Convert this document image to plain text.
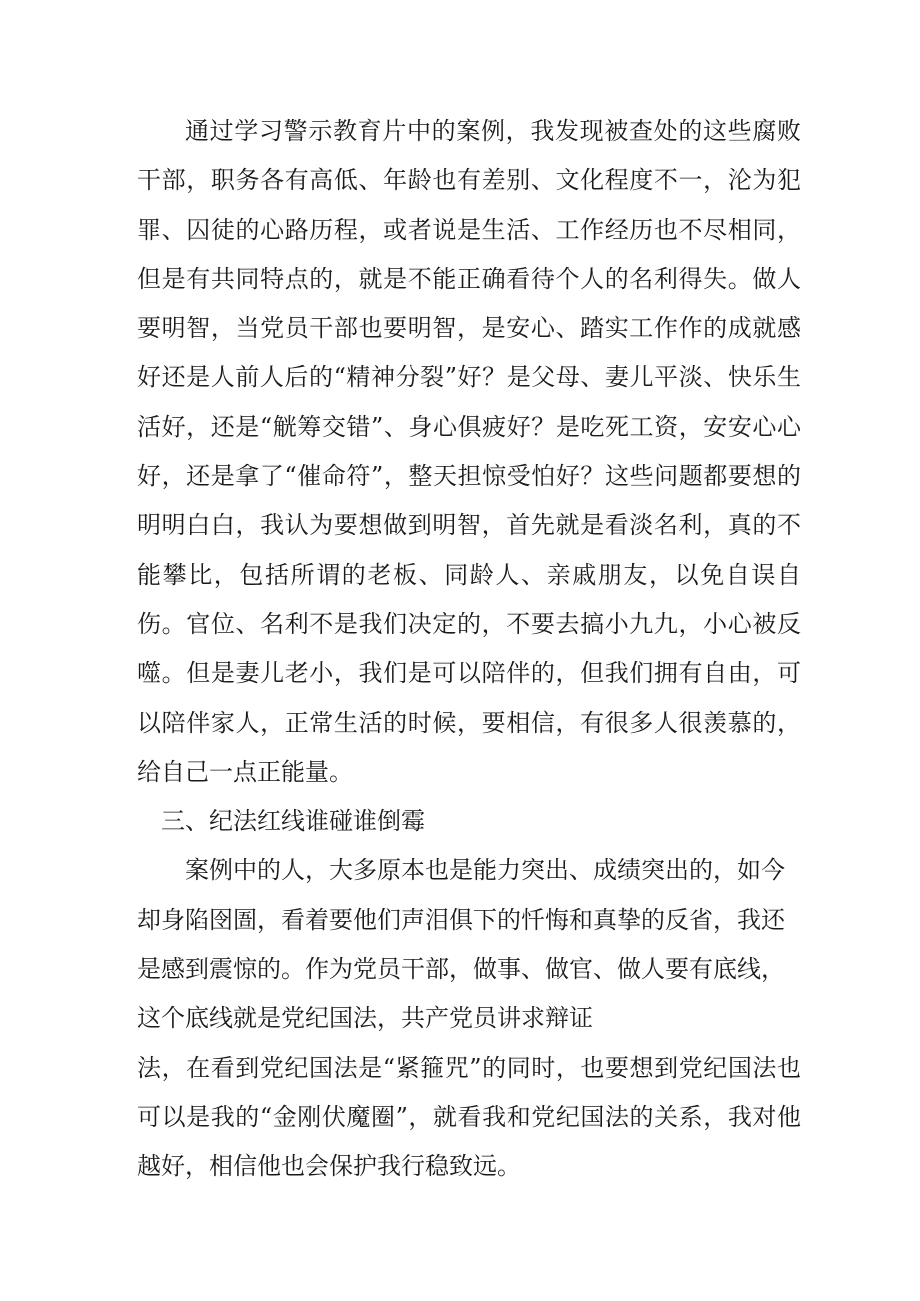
通过学习警示教育片中的案例，我发现被查处的这些腐败干部，职务各有高低、年龄也有差别、文化程度不一，沦为犯罪、囚徒的心路历程，或者说是生活、工作经历也不尽相同，但是有共同特点的，就是不能正确看待个人的名利得失。做人要明智，当党员干部也要明智，是安心、踏实工作作的成就感好还是人前人后的“精神分裂”好？是父母、妻儿平淡、快乐生活好，还是“觥筹交错”、身心俱疲好？是吃死工资，安安心心好，还是拿了“催命符”，整天担惊受怕好？这些问题都要想的明明白白，我认为要想做到明智，首先就是看淡名利，真的不能攀比，包括所谓的老板、同龄人、亲戚朋友，以免自误自伤。官位、名利不是我们决定的，不要去搞小九九，小心被反噬。但是妻儿老小，我们是可以陪伴的，但我们拥有自由，可以陪伴家人，正常生活的时候，要相信，有很多人很羡慕的，给自己一点正能量。

三、纪法红线谁碰谁倒霉

案例中的人，大多原本也是能力突出、成绩突出的，如今却身陷囹圄，看着要他们声泪俱下的忏悔和真挚的反省，我还是感到震惊的。作为党员干部，做事、做官、做人要有底线，这个底线就是党纪国法，共产党员讲求辩证

法，在看到党纪国法是“紧箍咒”的同时，也要想到党纪国法也可以是我的“金刚伏魔圈”，就看我和党纪国法的关系，我对他越好，相信他也会保护我行稳致远。
